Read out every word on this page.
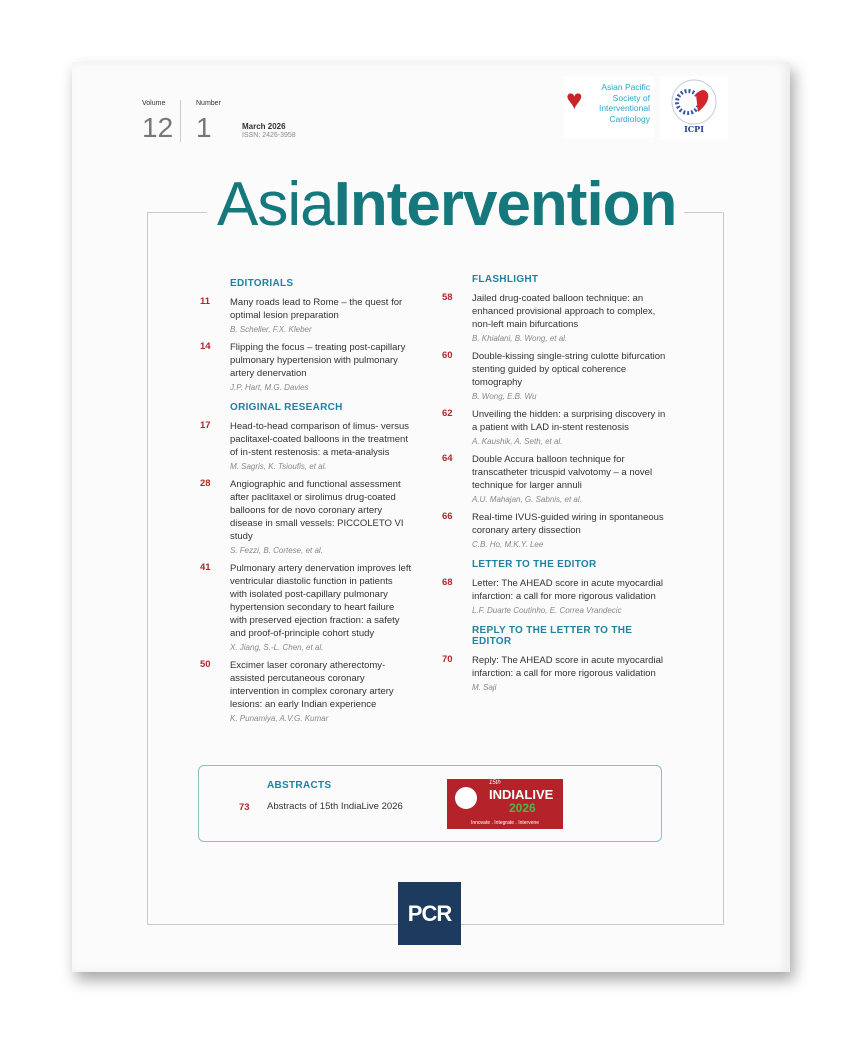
Volume
12
Number
1	March 2026
ISSN: 2426-3958
♥	Asian Pacific Society of Interventional Cardiology
ICPI
AsiaIntervention
EDITORIALS
11	Many roads lead to Rome – the quest for optimal lesion preparation
B. Scheller, F.X. Kleber
14	Flipping the focus – treating post-capillary pulmonary hypertension with pulmonary artery denervation
J.P. Hart, M.G. Davies
ORIGINAL RESEARCH
17	Head-to-head comparison of limus- versus paclitaxel-coated balloons in the treatment of in-stent restenosis: a meta-analysis
M. Sagris, K. Tsioufis, et al.
28	Angiographic and functional assessment after paclitaxel or sirolimus drug-coated balloons for de novo coronary artery disease in small vessels: PICCOLETO VI study
S. Fezzi, B. Cortese, et al.
41	Pulmonary artery denervation improves left ventricular diastolic function in patients with isolated post-capillary pulmonary hypertension secondary to heart failure with preserved ejection fraction: a safety and proof-of-principle cohort study
X. Jiang, S.-L. Chen, et al.
50	Excimer laser coronary atherectomy-assisted percutaneous coronary intervention in complex coronary artery lesions: an early Indian experience
K. Punamiya, A.V.G. Kumar
FLASHLIGHT
58	Jailed drug-coated balloon technique: an enhanced provisional approach to complex, non-left main bifurcations
B. Khialani, B. Wong, et al.
60	Double-kissing single-string culotte bifurcation stenting guided by optical coherence tomography
B. Wong, E.B. Wu
62	Unveiling the hidden: a surprising discovery in a patient with LAD in-stent restenosis
A. Kaushik, A. Seth, et al.
64	Double Accura balloon technique for transcatheter tricuspid valvotomy – a novel technique for larger annuli
A.U. Mahajan, G. Sabnis, et al.
66	Real-time IVUS-guided wiring in spontaneous coronary artery dissection
C.B. Ho, M.K.Y. Lee
LETTER TO THE EDITOR
68	Letter: The AHEAD score in acute myocardial infarction: a call for more rigorous validation
L.F. Duarte Coutinho, E. Correa Vrandecic
REPLY TO THE LETTER TO THE EDITOR
70	Reply: The AHEAD score in acute myocardial infarction: a call for more rigorous validation
M. Saji
ABSTRACTS
73	Abstracts of 15th IndiaLive 2026
15th
INDIALIVE
2026
Innovate . Integrate . Intervene
PCR
